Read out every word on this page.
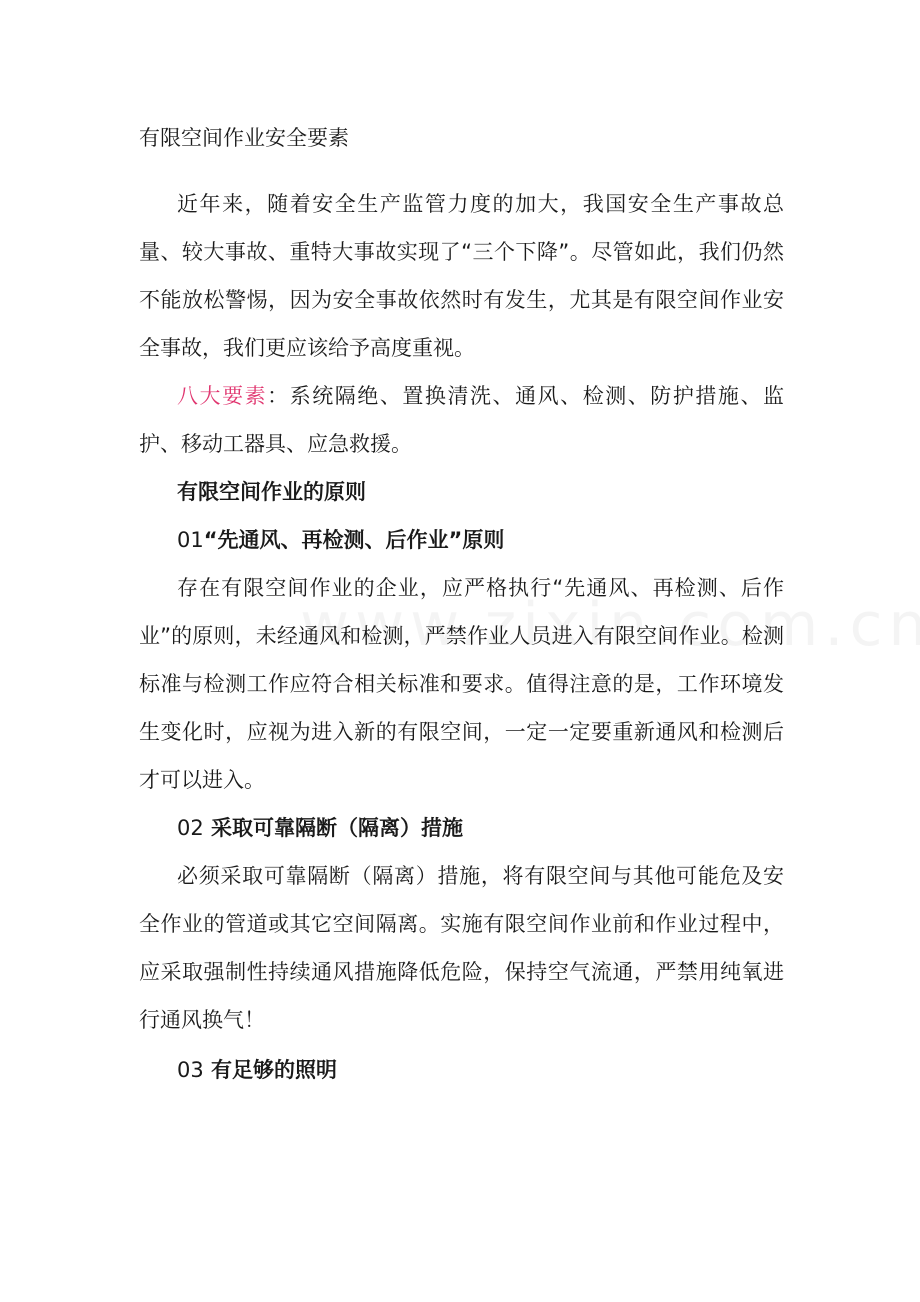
有限空间作业安全要素

近年来，随着安全生产监管力度的加大，我国安全生产事故总量、较大事故、重特大事故实现了“三个下降”。尽管如此，我们仍然不能放松警惕，因为安全事故依然时有发生，尤其是有限空间作业安全事故，我们更应该给予高度重视。

八大要素：系统隔绝、置换清洗、通风、检测、防护措施、监护、移动工器具、应急救援。

有限空间作业的原则

01“先通风、再检测、后作业”原则

存在有限空间作业的企业，应严格执行“先通风、再检测、后作业”的原则，未经通风和检测，严禁作业人员进入有限空间作业。检测标准与检测工作应符合相关标准和要求。值得注意的是，工作环境发生变化时，应视为进入新的有限空间，一定一定要重新通风和检测后才可以进入。

02 采取可靠隔断（隔离）措施

必须采取可靠隔断（隔离）措施，将有限空间与其他可能危及安全作业的管道或其它空间隔离。实施有限空间作业前和作业过程中，应采取强制性持续通风措施降低危险，保持空气流通，严禁用纯氧进行通风换气！

03 有足够的照明
